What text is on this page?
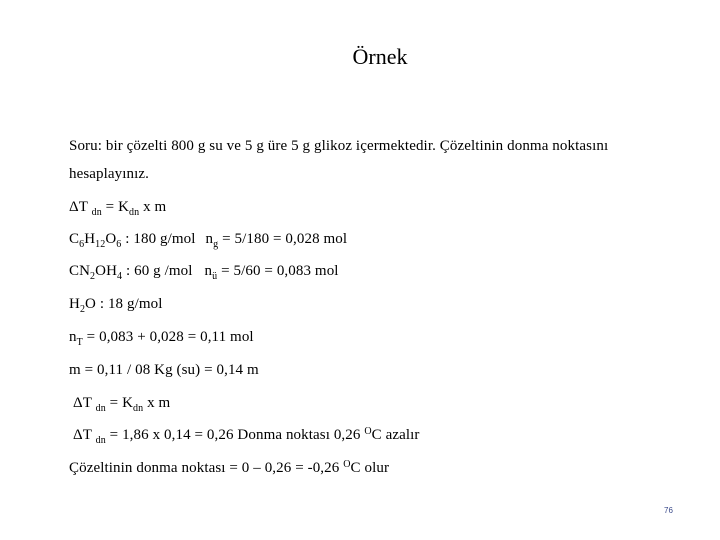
Örnek
Soru: bir çözelti 800 g su ve 5 g üre 5 g glikoz içermektedir. Çözeltinin donma noktasını
hesaplayınız.
ΔT $_{dn} = K_{dn}$ x m
$C_6H_{12}O_6$ : 180 g/mol $n_g = 5/180 = 0,028$ mol
$CN_2OH_4$ : 60 g /mol $n_ü = 5/60 = 0,083$ mol
$H_2O$ : 18 g/mol
$n_T = 0,083 + 0,028 = 0,11$ mol
m = 0,11 / 08 Kg (su) = 0,14 m
ΔT $_{dn} = K_{dn}$ x m
ΔT $_{dn}$ = 1,86 x 0,14 = 0,26 Donma noktası 0,26 $^O$C azalır
Çözeltinin donma noktası = 0 – 0,26 = -0,26 $^O$C olur
76
